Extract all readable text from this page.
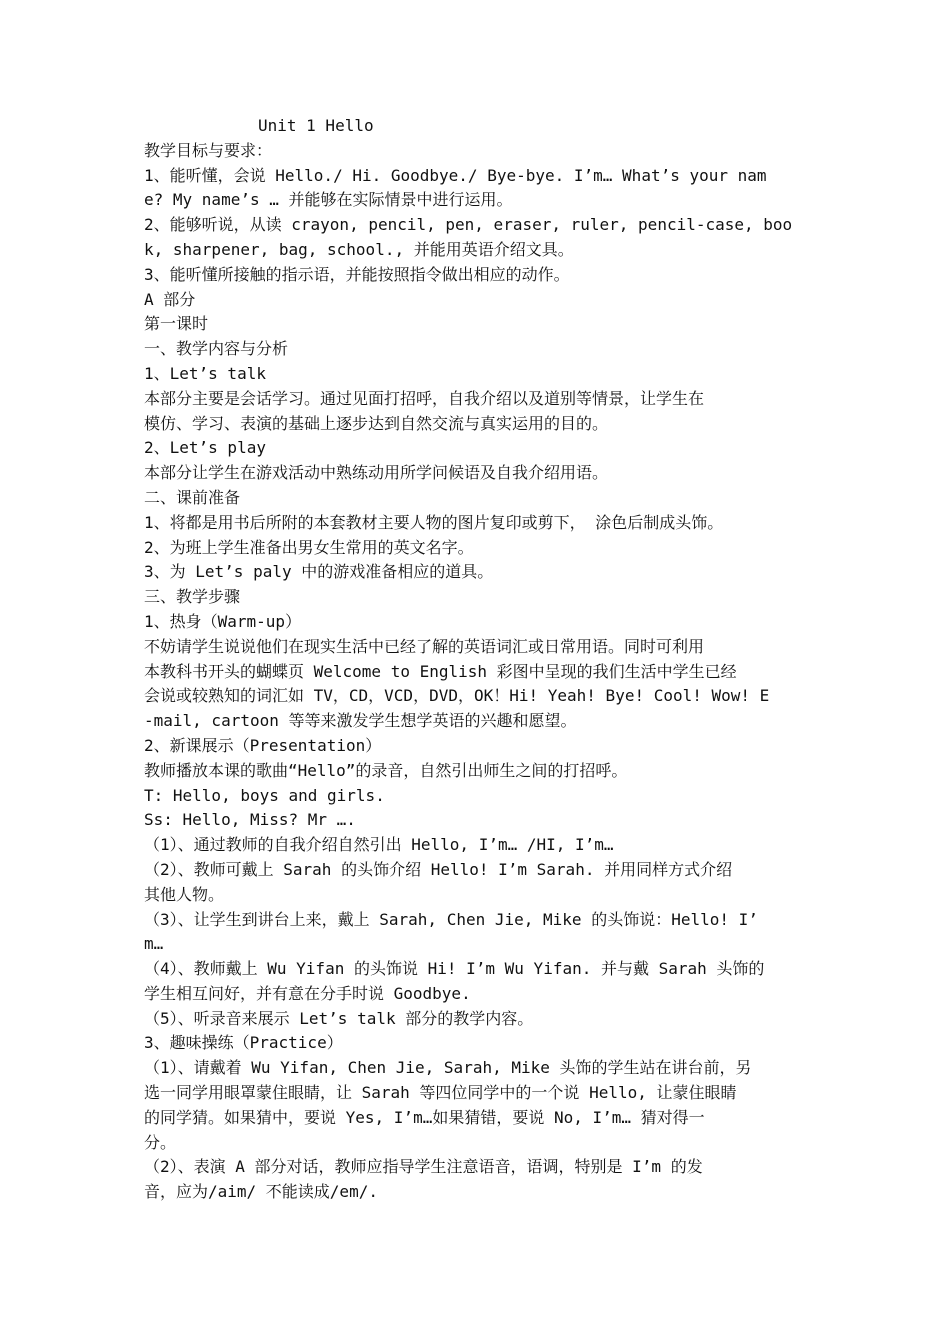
Unit 1 Hello
教学目标与要求：
1、能听懂，会说 Hello./ Hi. Goodbye./ Bye-bye. I’m… What’s your nam
e? My name’s … 并能够在实际情景中进行运用。
2、能够听说，从读 crayon, pencil, pen, eraser, ruler, pencil-case, boo
k, sharpener, bag, school., 并能用英语介绍文具。
3、能听懂所接触的指示语，并能按照指令做出相应的动作。
A 部分
第一课时
一、教学内容与分析
1、Let’s talk
本部分主要是会话学习。通过见面打招呼，自我介绍以及道别等情景，让学生在
模仿、学习、表演的基础上逐步达到自然交流与真实运用的目的。
2、Let’s play
本部分让学生在游戏活动中熟练动用所学问候语及自我介绍用语。
二、课前准备
1、将都是用书后所附的本套教材主要人物的图片复印或剪下， 涂色后制成头饰。
2、为班上学生准备出男女生常用的英文名字。
3、为 Let’s paly 中的游戏准备相应的道具。
三、教学步骤
1、热身（Warm-up）
不妨请学生说说他们在现实生活中已经了解的英语词汇或日常用语。同时可利用
本教科书开头的蝴蝶页 Welcome to English 彩图中呈现的我们生活中学生已经
会说或较熟知的词汇如 TV，CD，VCD，DVD，OK！Hi! Yeah! Bye! Cool! Wow! E
-mail, cartoon 等等来激发学生想学英语的兴趣和愿望。
2、新课展示（Presentation）
教师播放本课的歌曲“Hello”的录音，自然引出师生之间的打招呼。
T: Hello, boys and girls.
Ss: Hello, Miss? Mr ….
（1）、通过教师的自我介绍自然引出 Hello, I’m… /HI, I’m…
（2）、教师可戴上 Sarah 的头饰介绍 Hello! I’m Sarah. 并用同样方式介绍
其他人物。
（3）、让学生到讲台上来，戴上 Sarah, Chen Jie, Mike 的头饰说：Hello! I’
m…
（4）、教师戴上 Wu Yifan 的头饰说 Hi! I’m Wu Yifan. 并与戴 Sarah 头饰的
学生相互问好，并有意在分手时说 Goodbye.
（5）、听录音来展示 Let’s talk 部分的教学内容。
3、趣味操练（Practice）
（1）、请戴着 Wu Yifan, Chen Jie, Sarah, Mike 头饰的学生站在讲台前，另
选一同学用眼罩蒙住眼睛，让 Sarah 等四位同学中的一个说 Hello, 让蒙住眼睛
的同学猜。如果猜中，要说 Yes, I’m…如果猜错，要说 No, I’m… 猜对得一
分。
（2）、表演 A 部分对话，教师应指导学生注意语音，语调，特别是 I’m 的发
音，应为/aim/ 不能读成/em/.
